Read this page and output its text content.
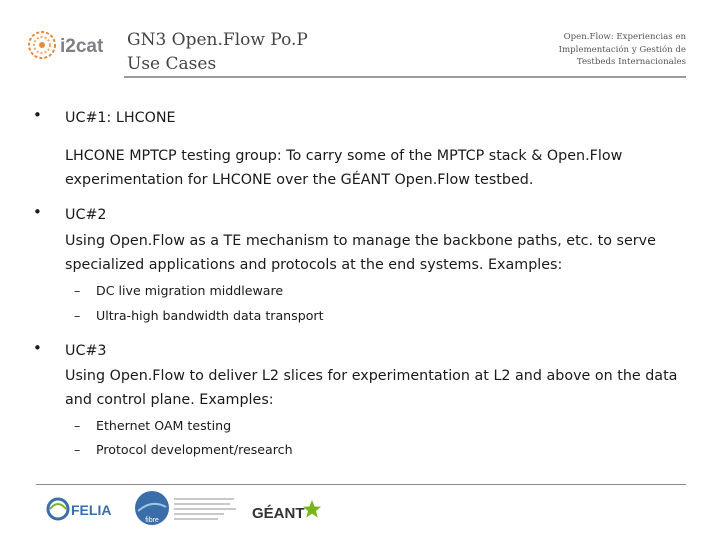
i2cat GN3 Open.Flow Po.P
Use Cases
Open.Flow: Experiencias en
Implementación y Gestión de
Testbeds Internacionales
• UC#1: LHCONE
LHCONE MPTCP testing group: To carry some of the MPTCP stack & Open.Flow experimentation for LHCONE over the GÉANT Open.Flow testbed.
• UC#2
Using Open.Flow as a TE mechanism to manage the backbone paths, etc. to serve specialized applications and protocols at the end systems. Examples:
– DC live migration middleware
– Ultra-high bandwidth data transport
• UC#3
Using Open.Flow to deliver L2 slices for experimentation at L2 and above on the data and control plane. Examples:
– Ethernet OAM testing
– Protocol development/research
FELIA
fibre	GÉANT
